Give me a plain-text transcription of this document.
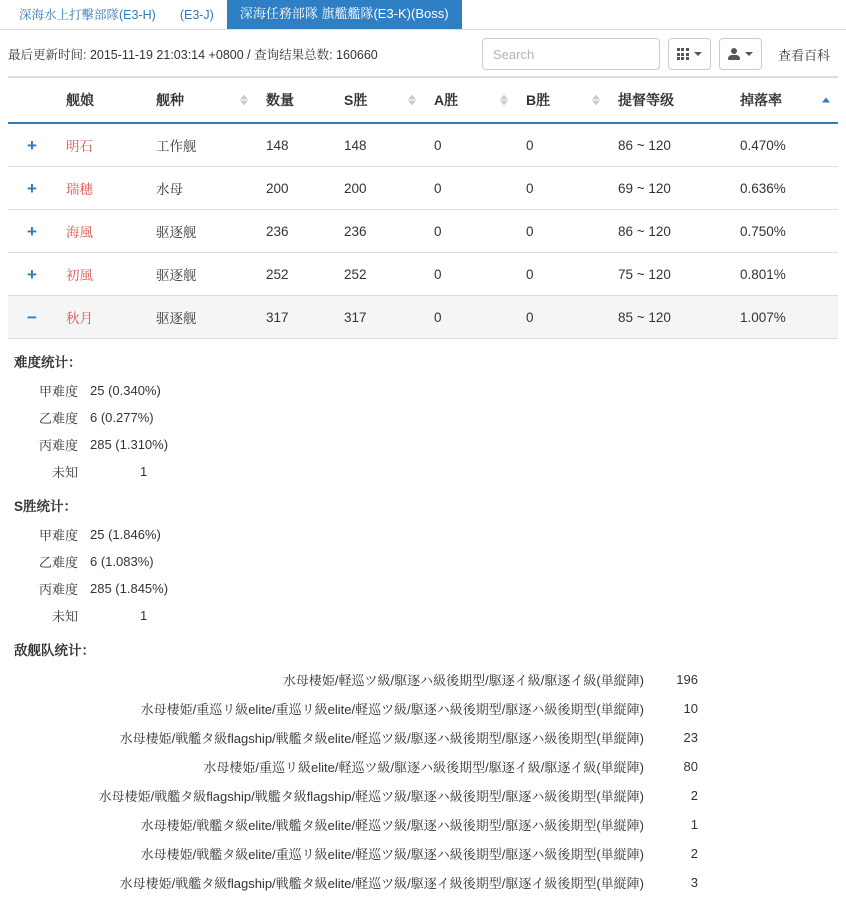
深海水上打擊部隊(E3-H)	(E3-J)	深海任務部隊 旗艦艦隊(E3-K)(Boss)
最后更新时间: 2015-11-19 21:03:14 +0800 / 查询结果总数: 160660
Search	查看百科
	舰娘	舰种	数量	S胜	A胜	B胜	提督等级	掉落率

+	明石	工作舰	148	148	0	0	86 ~ 120	0.470%
+	瑞穗	水母	200	200	0	0	69 ~ 120	0.636%
+	海風	驱逐舰	236	236	0	0	86 ~ 120	0.750%
+	初風	驱逐舰	252	252	0	0	75 ~ 120	0.801%
−	秋月	驱逐舰	317	317	0	0	85 ~ 120	1.007%
难度统计：
甲难度	25 (0.340%)
乙难度	6 (0.277%)
丙难度	285 (1.310%)
未知	1
S胜统计：
甲难度	25 (1.846%)
乙难度	6 (1.083%)
丙难度	285 (1.845%)
未知	1
敌舰队统计：
水母棲姫/軽巡ツ級/駆逐ハ級後期型/駆逐イ級/駆逐イ級(単縦陣)	196
水母棲姫/重巡リ級elite/重巡リ級elite/軽巡ツ級/駆逐ハ級後期型/駆逐ハ級後期型(単縦陣)	10
水母棲姫/戦艦タ級flagship/戦艦タ級elite/軽巡ツ級/駆逐ハ級後期型/駆逐ハ級後期型(単縦陣)	23
水母棲姫/重巡リ級elite/軽巡ツ級/駆逐ハ級後期型/駆逐イ級/駆逐イ級(単縦陣)	80
水母棲姫/戦艦タ級flagship/戦艦タ級flagship/軽巡ツ級/駆逐ハ級後期型/駆逐ハ級後期型(単縦陣)	2
水母棲姫/戦艦タ級elite/戦艦タ級elite/軽巡ツ級/駆逐ハ級後期型/駆逐ハ級後期型(単縦陣)	1
水母棲姫/戦艦タ級elite/重巡リ級elite/軽巡ツ級/駆逐ハ級後期型/駆逐ハ級後期型(単縦陣)	2
水母棲姫/戦艦タ級flagship/戦艦タ級elite/軽巡ツ級/駆逐イ級後期型/駆逐イ級後期型(単縦陣)	3
